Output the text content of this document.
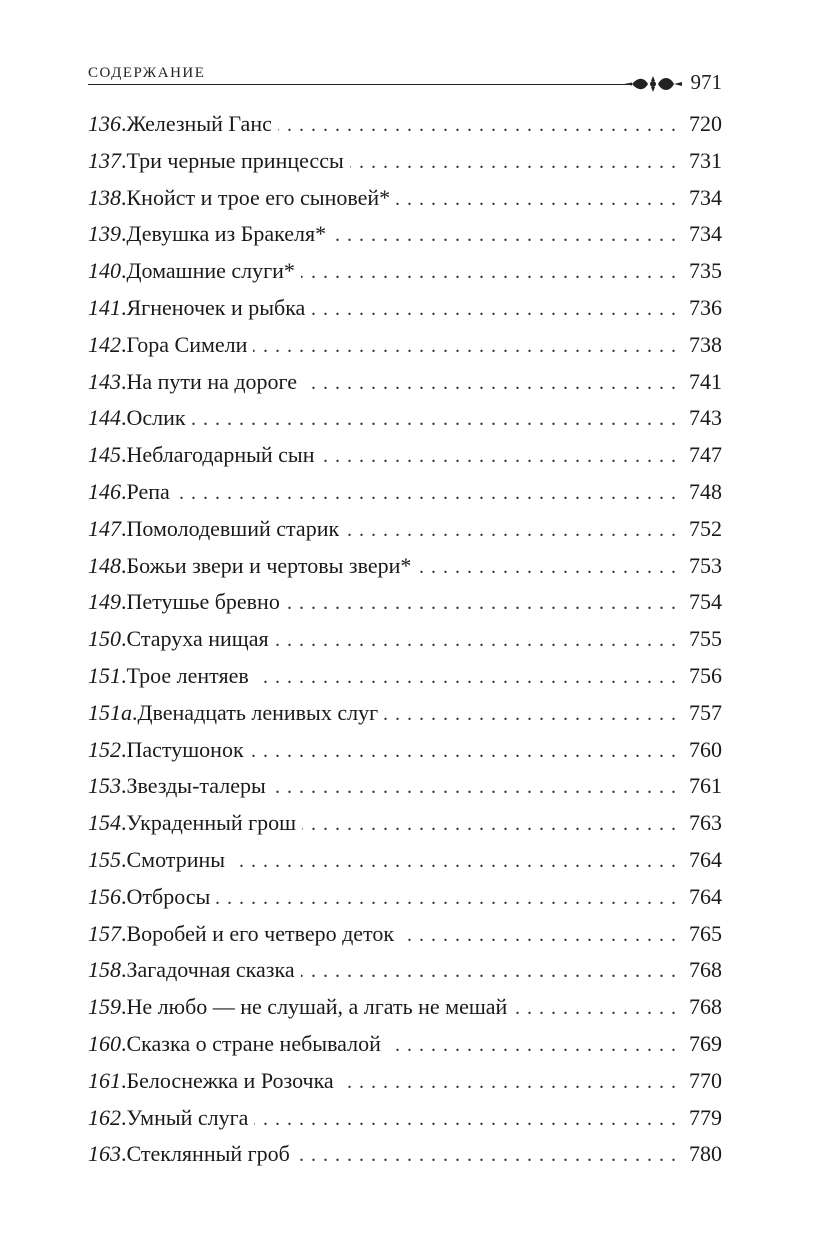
СОДЕРЖАНИЕ	971
136 . Железный Ганс . . .	720
137 . Три черные принцессы . . .	731
138 . Кнойст и трое его сыновей* . . .	734
139 . Девушка из Бракеля* . . .	734
140 . Домашние слуги* . . .	735
141 . Ягненочек и рыбка . . .	736
142 . Гора Симели . . .	738
143 . На пути на дороге . . .	741
144 . Ослик . . .	743
145 . Неблагодарный сын . . .	747
146 . Репа . . .	748
147 . Помолодевший старик . . .	752
148 . Божьи звери и чертовы звери* . . .	753
149 . Петушье бревно . . .	754
150 . Старуха нищая . . .	755
151 . Трое лентяев . . .	756
151a . Двенадцать ленивых слуг . . .	757
152 . Пастушонок . . .	760
153 . Звезды-талеры . . .	761
154 . Украденный грош . . .	763
155 . Смотрины . . .	764
156 . Отбросы . . .	764
157 . Воробей и его четверо деток . . .	765
158 . Загадочная сказка . . .	768
159 . Не любо — не слушай, а лгать не мешай . . .	768
160 . Сказка о стране небывалой . . .	769
161 . Белоснежка и Розочка . . .	770
162 . Умный слуга . . .	779
163 . Стеклянный гроб . . .	780
